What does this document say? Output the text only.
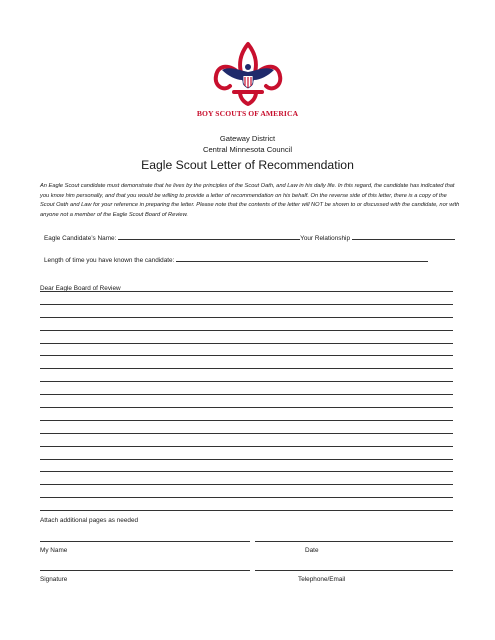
BOY SCOUTS OF AMERICA
Gateway District
Central Minnesota Council
Eagle Scout Letter of Recommendation

An Eagle Scout candidate must demonstrate that he lives by the principles of the Scout Oath, and Law in his daily life. In this regard, the candidate has indicated that you know him personally, and that you would be willing to provide a letter of recommendation on his behalf. On the reverse side of this letter, there is a copy of the Scout Oath and Law for your reference in preparing the letter. Please note that the contents of the letter will NOT be shown to or discussed with the candidate, nor with anyone not a member of the Eagle Scout Board of Review.

Eagle Candidate’s Name:	Your Relationship
Length of time you have known the candidate:
Dear Eagle Board of Review
Attach additional pages as needed
My Name	Date
Signature	Telephone/Email
